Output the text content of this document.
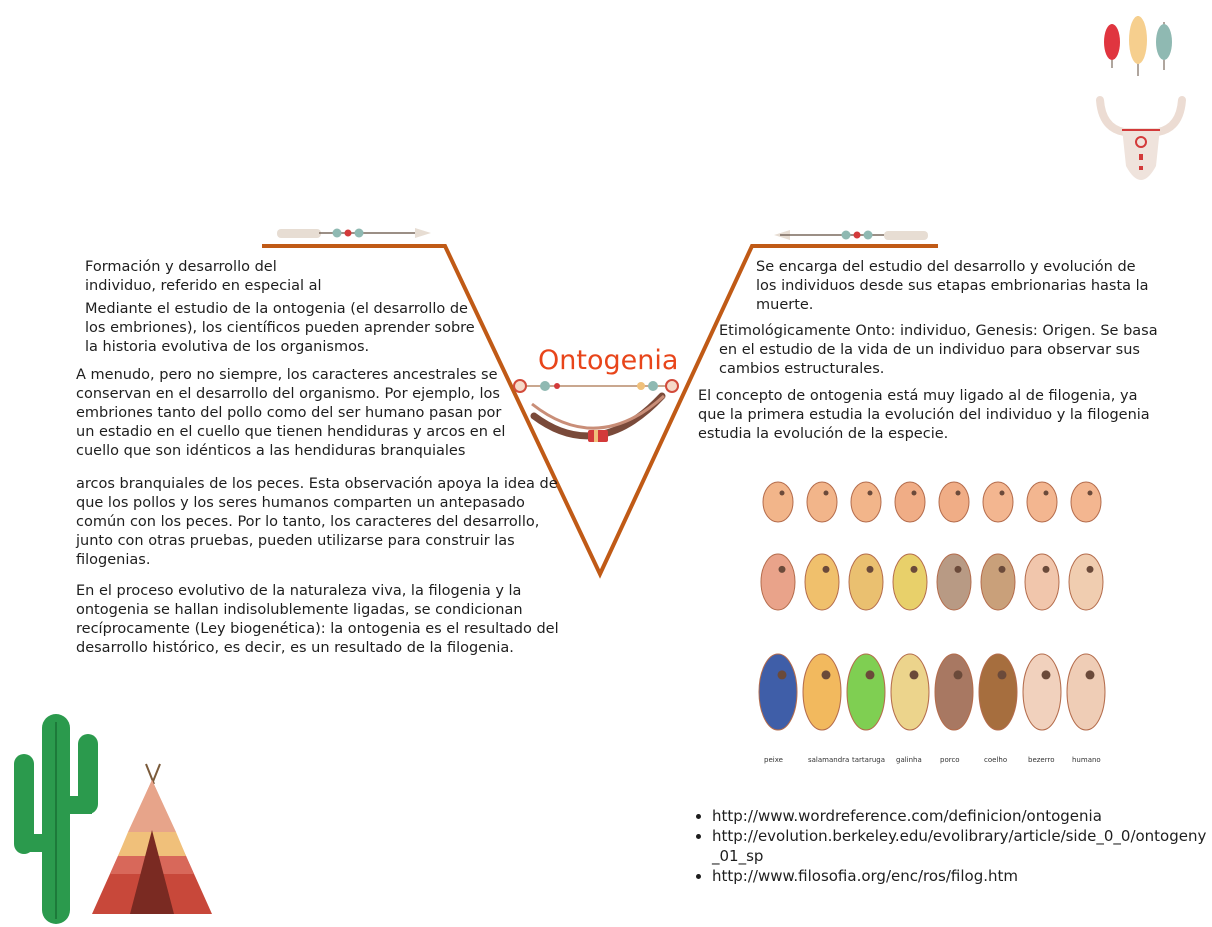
Ontogenia

Formación y desarrollo del individuo, referido en especial al

Mediante el estudio de la ontogenia (el desarrollo de los embriones), los científicos pueden aprender sobre la historia evolutiva de los organismos.

A menudo, pero no siempre, los caracteres ancestrales se conservan en el desarrollo del organismo. Por ejemplo, los embriones tanto del pollo como del ser humano pasan por un estadio en el cuello que tienen hendiduras y arcos en el cuello que son idénticos a las hendiduras branquiales

arcos branquiales de los peces. Esta observación apoya la idea de que los pollos y los seres humanos comparten un antepasado común con los peces. Por lo tanto, los caracteres del desarrollo, junto con otras pruebas, pueden utilizarse para construir las filogenias.

En el proceso evolutivo de la naturaleza viva, la filogenia y la ontogenia se hallan indisolublemente ligadas, se condicionan recíprocamente (Ley biogenética): la ontogenia es el resultado del desarrollo histórico, es decir, es un resultado de la filogenia.

Se encarga del estudio del desarrollo y evolución de los individuos desde sus etapas embrionarias hasta la muerte.

Etimológicamente Onto: individuo, Genesis: Origen. Se basa en el estudio de la vida de un individuo para observar sus cambios estructurales.

El concepto de ontogenia está muy ligado al de filogenia, ya que la primera estudia la evolución del individuo y la filogenia estudia la evolución de la especie.

peixe	salamandra tartaruga galinha	porco	coelho	bezerro	humano
• http://www.wordreference.com/definicion/ontogenia
• http://evolution.berkeley.edu/evolibrary/article/side_0_0/ontogeny_01_sp
• http://www.filosofia.org/enc/ros/filog.htm
